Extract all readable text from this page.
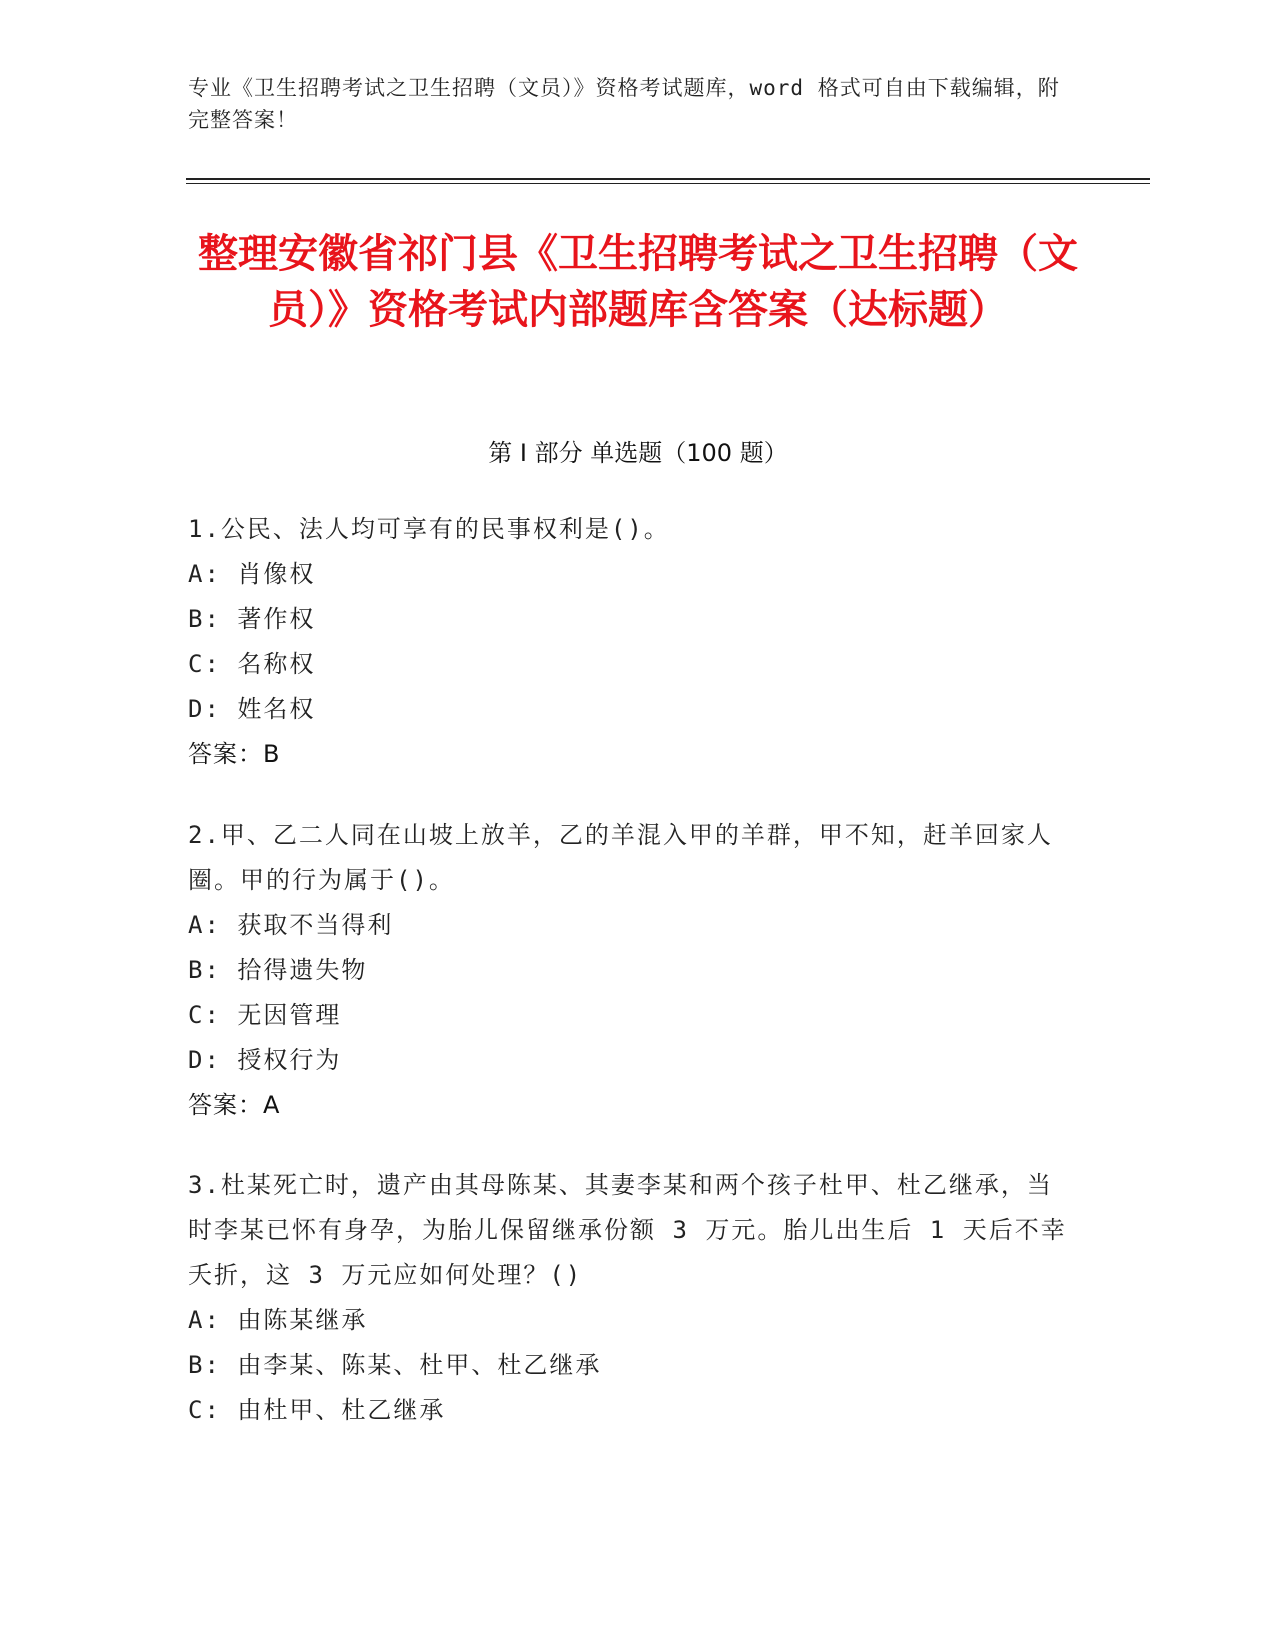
专业《卫生招聘考试之卫生招聘（文员）》资格考试题库，word 格式可自由下载编辑，附完整答案！
整理安徽省祁门县《卫生招聘考试之卫生招聘（文员）》资格考试内部题库含答案（达标题）
第 I 部分 单选题（100 题）

1.公民、法人均可享有的民事权利是()。

A: 肖像权

B: 著作权

C: 名称权

D: 姓名权

答案：B

2.甲、乙二人同在山坡上放羊，乙的羊混入甲的羊群，甲不知，赶羊回家人圈。甲的行为属于()。

A: 获取不当得利

B: 拾得遗失物

C: 无因管理

D: 授权行为

答案：A

3.杜某死亡时，遗产由其母陈某、其妻李某和两个孩子杜甲、杜乙继承，当时李某已怀有身孕，为胎儿保留继承份额 3 万元。胎儿出生后 1 天后不幸夭折，这 3 万元应如何处理？()

A: 由陈某继承

B: 由李某、陈某、杜甲、杜乙继承

C: 由杜甲、杜乙继承
